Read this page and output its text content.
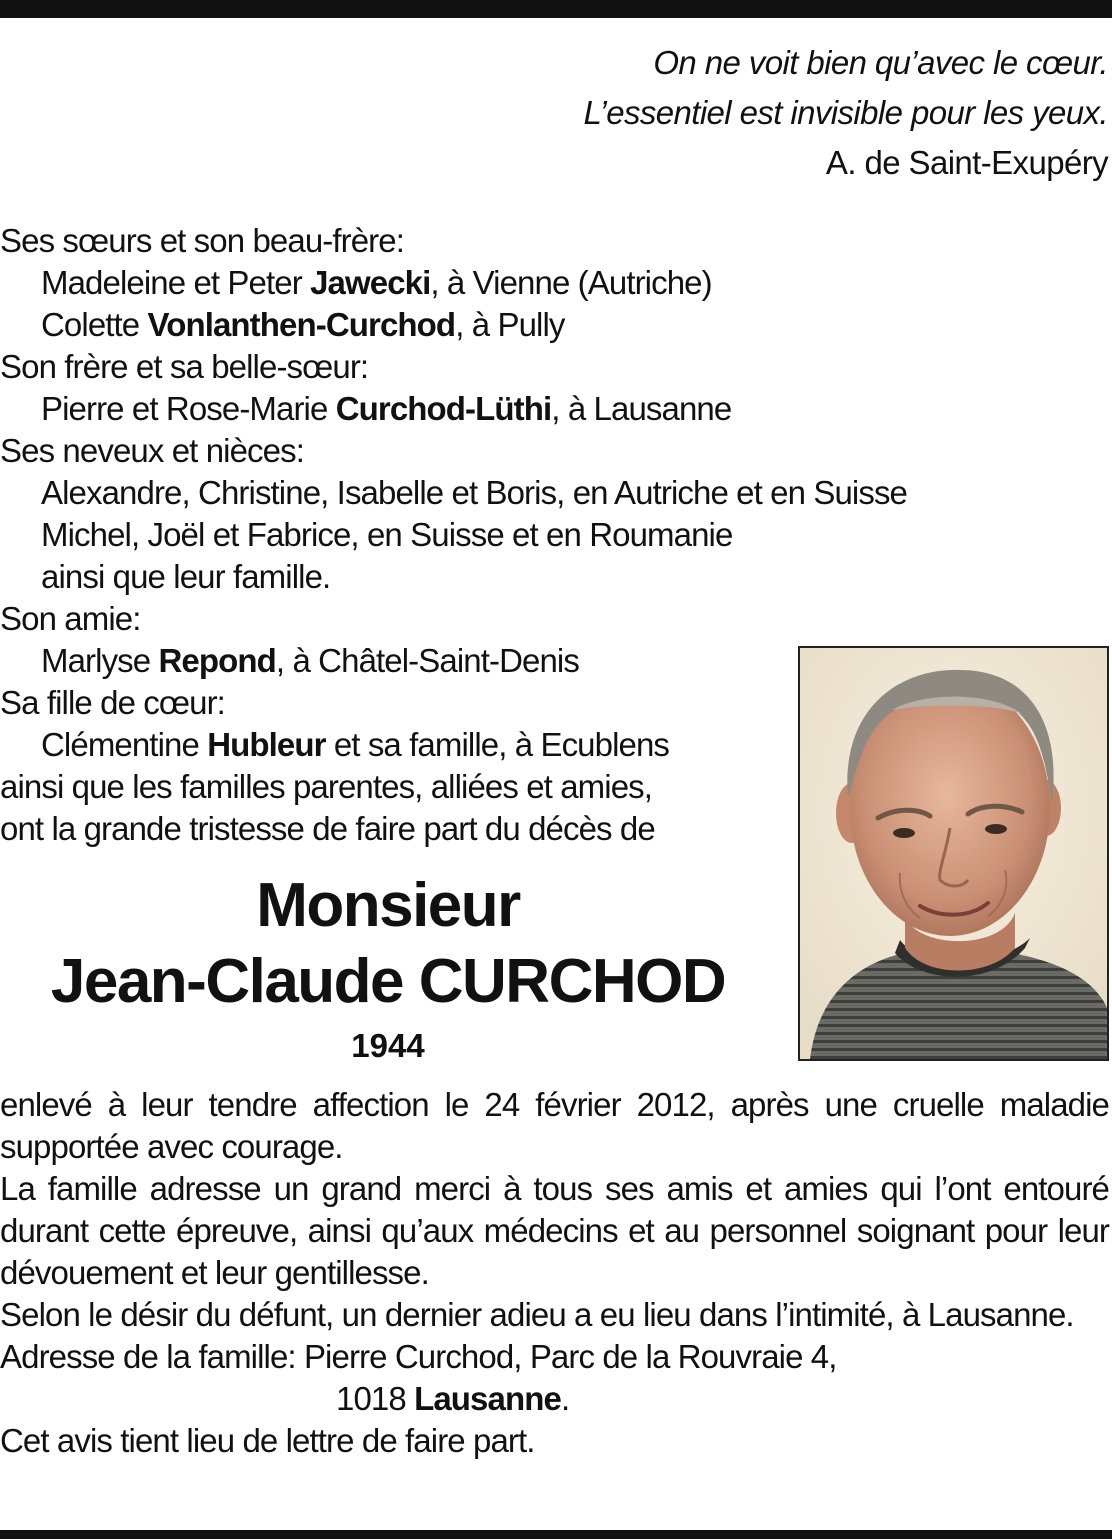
On ne voit bien qu’avec le cœur.
L’essentiel est invisible pour les yeux.
A. de Saint-Exupéry
Ses sœurs et son beau-frère:
Madeleine et Peter Jawecki, à Vienne (Autriche)
Colette Vonlanthen-Curchod, à Pully
Son frère et sa belle-sœur:
Pierre et Rose-Marie Curchod-Lüthi, à Lausanne
Ses neveux et nièces:
Alexandre, Christine, Isabelle et Boris, en Autriche et en Suisse
Michel, Joël et Fabrice, en Suisse et en Roumanie
ainsi que leur famille.
Son amie:
Marlyse Repond, à Châtel-Saint-Denis
Sa fille de cœur:
Clémentine Hubleur et sa famille, à Ecublens
ainsi que les familles parentes, alliées et amies,
ont la grande tristesse de faire part du décès de
Monsieur
Jean-Claude CURCHOD
1944

enlevé à leur tendre affection le 24 février 2012, après une cruelle maladie supportée avec courage.

La famille adresse un grand merci à tous ses amis et amies qui l’ont entouré durant cette épreuve, ainsi qu’aux médecins et au personnel soignant pour leur dévouement et leur gentillesse.

Selon le désir du défunt, un dernier adieu a eu lieu dans l’intimité, à Lausanne.

Adresse de la famille: Pierre Curchod, Parc de la Rouvraie 4,

1018 Lausanne.

Cet avis tient lieu de lettre de faire part.
